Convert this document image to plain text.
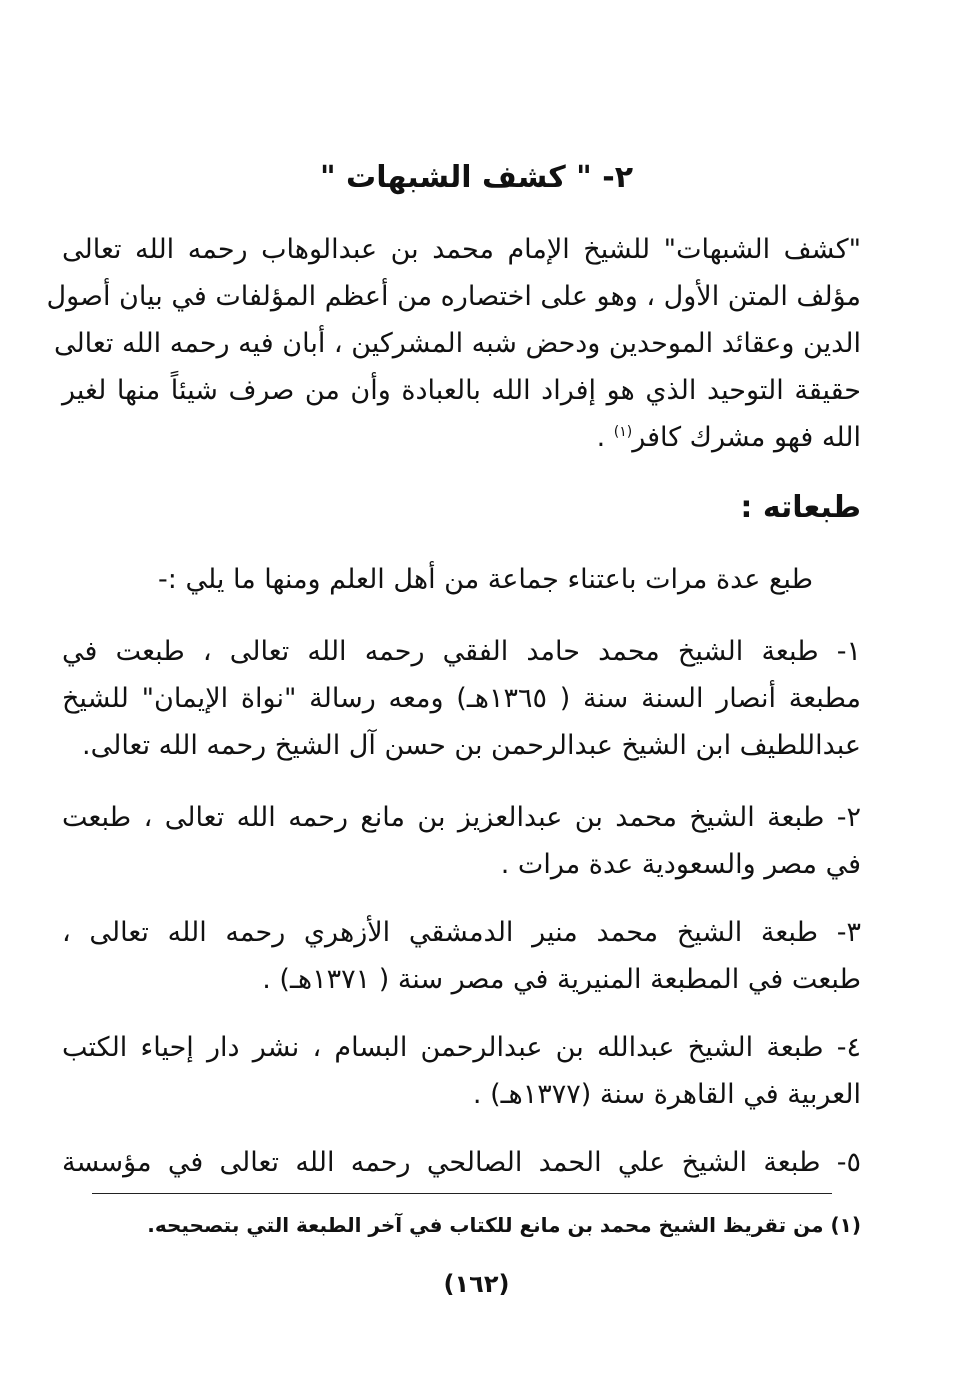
٢- " كشف الشبهات "
"كشف الشبهات" للشيخ الإمام محمد بن عبدالوهاب رحمه الله تعالى
مؤلف المتن الأول ، وهو على اختصاره من أعظم المؤلفات في بيان أصول
الدين وعقائد الموحدين ودحض شبه المشركين ، أبان فيه رحمه الله تعالى
حقيقة التوحيد الذي هو إفراد الله بالعبادة وأن من صرف شيئاً منها لغير
الله فهو مشرك كافر$^{(١)}$ .
طبعاته :
طبع عدة مرات باعتناء جماعة من أهل العلم ومنها ما يلي :-
١- طبعة الشيخ محمد حامد الفقي رحمه الله تعالى ، طبعت في
مطبعة أنصار السنة سنة ( ١٣٦٥هـ) ومعه رسالة "نواة الإيمان" للشيخ
عبداللطيف ابن الشيخ عبدالرحمن بن حسن آل الشيخ رحمه الله تعالى.
٢- طبعة الشيخ محمد بن عبدالعزيز بن مانع رحمه الله تعالى ، طبعت
في مصر والسعودية عدة مرات .
٣- طبعة الشيخ محمد منير الدمشقي الأزهري رحمه الله تعالى ،
طبعت في المطبعة المنيرية في مصر سنة ( ١٣٧١هـ) .
٤- طبعة الشيخ عبدالله بن عبدالرحمن البسام ، نشر دار إحياء الكتب
العربية في القاهرة سنة (١٣٧٧هـ) .
٥- طبعة الشيخ علي الحمد الصالحي رحمه الله تعالى في مؤسسة
(١) من تقريظ الشيخ محمد بن مانع للكتاب في آخر الطبعة التي بتصحيحه.
(١٦٢)
